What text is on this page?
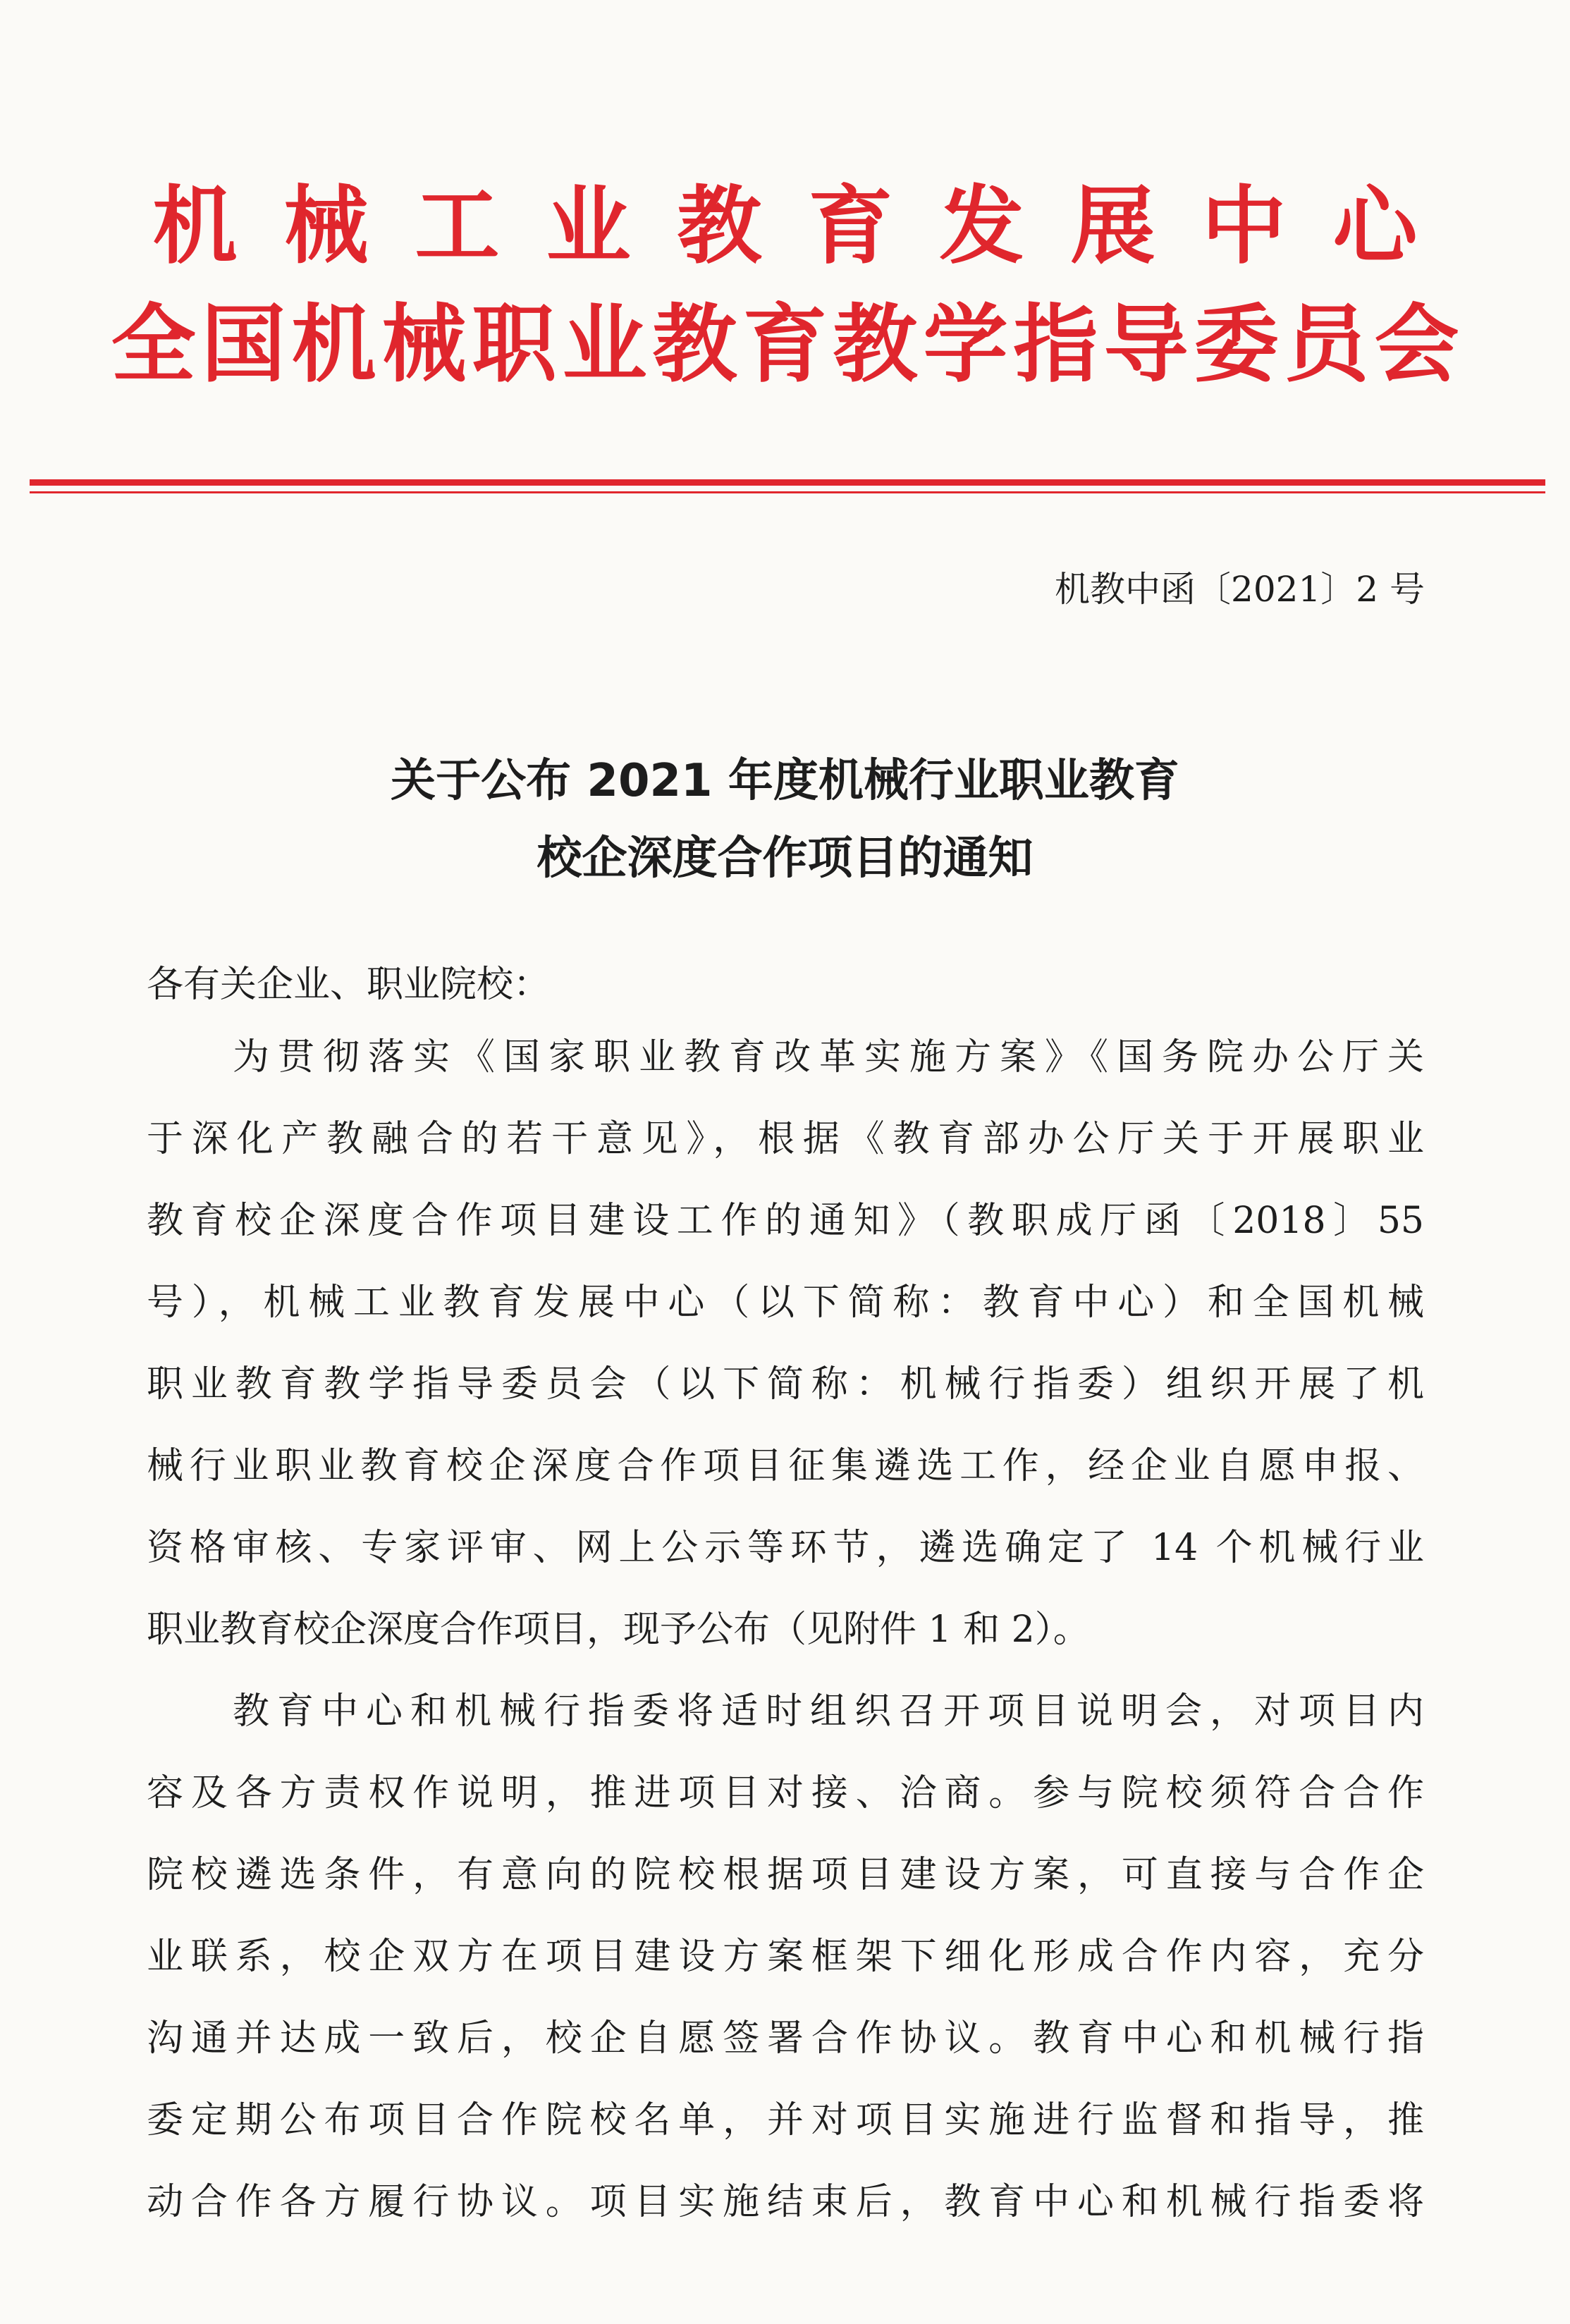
机械工业教育发展中心
全国机械职业教育教学指导委员会
机教中函〔2021〕2 号
关于公布 2021 年度机械行业职业教育
校企深度合作项目的通知
各有关企业、职业院校：
为贯彻落实《国家职业教育改革实施方案》《国务院办公厅关
于深化产教融合的若干意见》，根据《教育部办公厅关于开展职业
教育校企深度合作项目建设工作的通知》（教职成厅函〔2018〕55
号），机械工业教育发展中心（以下简称：教育中心）和全国机械
职业教育教学指导委员会（以下简称：机械行指委）组织开展了机
械行业职业教育校企深度合作项目征集遴选工作，经企业自愿申报、
资格审核、专家评审、网上公示等环节，遴选确定了 14 个机械行业
职业教育校企深度合作项目，现予公布（见附件 1 和 2）。
教育中心和机械行指委将适时组织召开项目说明会，对项目内
容及各方责权作说明，推进项目对接、洽商。参与院校须符合合作
院校遴选条件，有意向的院校根据项目建设方案，可直接与合作企
业联系，校企双方在项目建设方案框架下细化形成合作内容，充分
沟通并达成一致后，校企自愿签署合作协议。教育中心和机械行指
委定期公布项目合作院校名单，并对项目实施进行监督和指导，推
动合作各方履行协议。项目实施结束后，教育中心和机械行指委将
